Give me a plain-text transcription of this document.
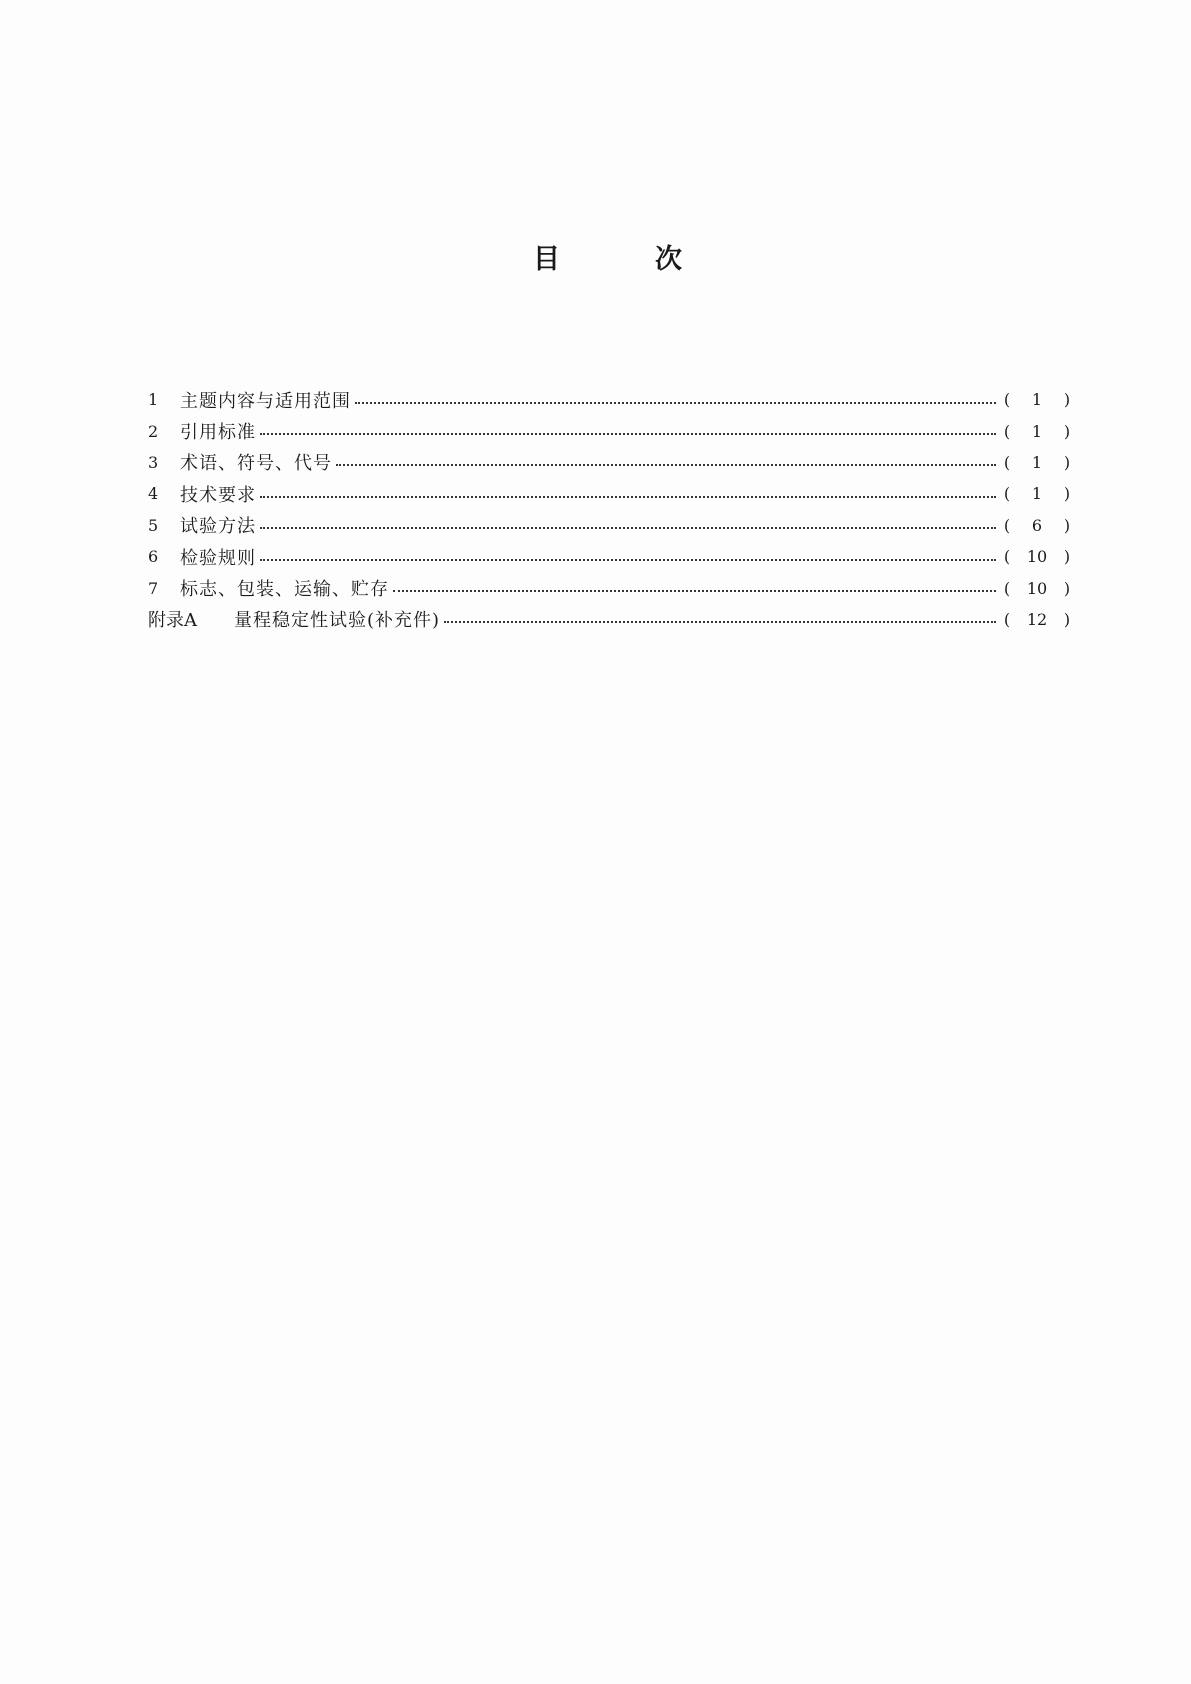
目	次
1	主题内容与适用范围	(	1	)
2	引用标准	(	1	)
3	术语、符号、代号	(	1	)
4	技术要求	(	1	)
5	试验方法	(	6	)
6	检验规则	(	10	)
7	标志、包装、运输、贮存	(	10	)
附录A	量程稳定性试验(补充件)	(	12	)
